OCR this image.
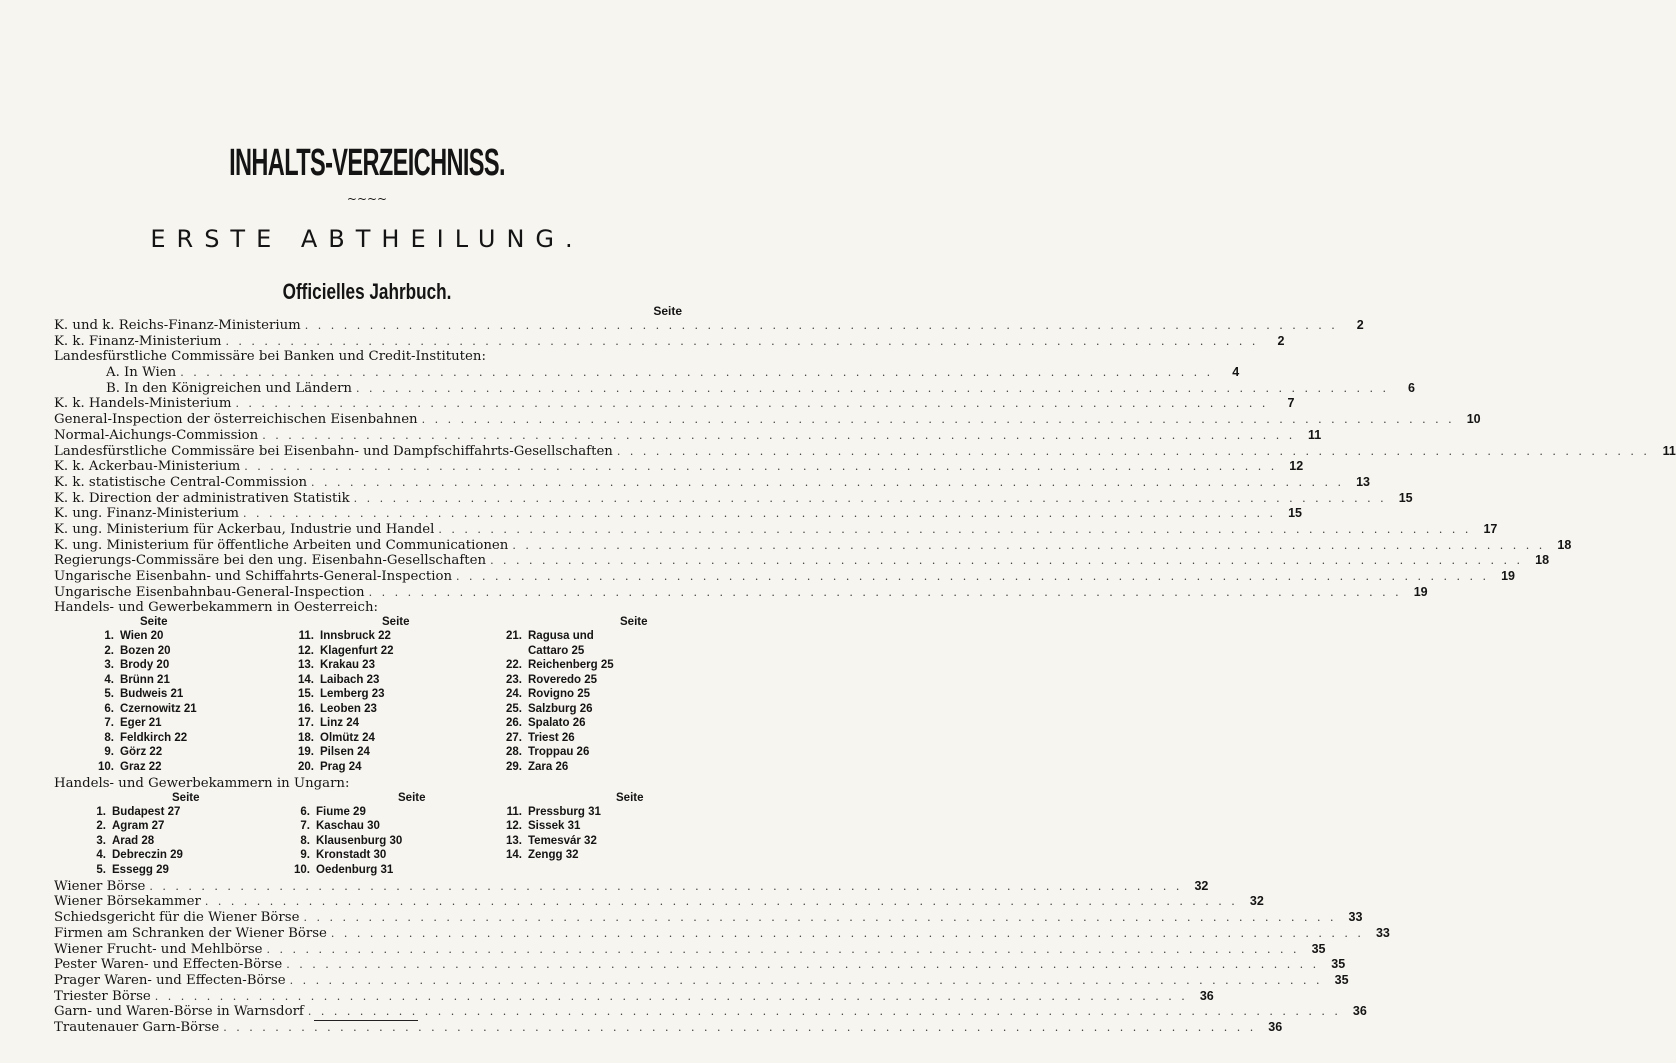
INHALTS-VERZEICHNISS.
~~~~
ERSTE ABTHEILUNG.
Officielles Jahrbuch.
Seite
K. und k. Reichs-Finanz-Ministerium . . . . . . . . . . . . . . . . . . . . . . . . . . . . . . . . . . . . . . . . . . . . . . . . . . . . . . . . . . . . . . . . . . . . . . . . . . . . . . . .	2
K. k. Finanz-Ministerium . . . . . . . . . . . . . . . . . . . . . . . . . . . . . . . . . . . . . . . . . . . . . . . . . . . . . . . . . . . . . . . . . . . . . . . . . . . . . . . .	2
Landesfürstliche Commissäre bei Banken und Credit-Instituten:
A. In Wien . . . . . . . . . . . . . . . . . . . . . . . . . . . . . . . . . . . . . . . . . . . . . . . . . . . . . . . . . . . . . . . . . . . . . . . . . . . . . . . .	4
B. In den Königreichen und Ländern . . . . . . . . . . . . . . . . . . . . . . . . . . . . . . . . . . . . . . . . . . . . . . . . . . . . . . . . . . . . . . . . . . . . . . . . . . . . . . . .	6
K. k. Handels-Ministerium . . . . . . . . . . . . . . . . . . . . . . . . . . . . . . . . . . . . . . . . . . . . . . . . . . . . . . . . . . . . . . . . . . . . . . . . . . . . . . . .	7
General-Inspection der österreichischen Eisenbahnen . . . . . . . . . . . . . . . . . . . . . . . . . . . . . . . . . . . . . . . . . . . . . . . . . . . . . . . . . . . . . . . . . . . . . . . . . . . . . . . . 10
Normal-Aichungs-Commission . . . . . . . . . . . . . . . . . . . . . . . . . . . . . . . . . . . . . . . . . . . . . . . . . . . . . . . . . . . . . . . . . . . . . . . . . . . . . . . .	11
Landesfürstliche Commissäre bei Eisenbahn- und Dampfschiffahrts-Gesellschaften . . . . . . . . . . . . . . . . . . . . . . . . . . . . . . . . . . . . . . . . . . . . . . . . . . . . . . . . . . . . . . . . . . . . . . . . . . . . . . . .	11
K. k. Ackerbau-Ministerium . . . . . . . . . . . . . . . . . . . . . . . . . . . . . . . . . . . . . . . . . . . . . . . . . . . . . . . . . . . . . . . . . . . . . . . . . . . . . . . . 12
K. k. statistische Central-Commission . . . . . . . . . . . . . . . . . . . . . . . . . . . . . . . . . . . . . . . . . . . . . . . . . . . . . . . . . . . . . . . . . . . . . . . . . . . . . . . . 13
K. k. Direction der administrativen Statistik . . . . . . . . . . . . . . . . . . . . . . . . . . . . . . . . . . . . . . . . . . . . . . . . . . . . . . . . . . . . . . . . . . . . . . . . . . . . . . . . 15
K. ung. Finanz-Ministerium . . . . . . . . . . . . . . . . . . . . . . . . . . . . . . . . . . . . . . . . . . . . . . . . . . . . . . . . . . . . . . . . . . . . . . . . . . . . . . . . 15
K. ung. Ministerium für Ackerbau, Industrie und Handel . . . . . . . . . . . . . . . . . . . . . . . . . . . . . . . . . . . . . . . . . . . . . . . . . . . . . . . . . . . . . . . . . . . . . . . . . . . . . . . . 17
K. ung. Ministerium für öffentliche Arbeiten und Communicationen . . . . . . . . . . . . . . . . . . . . . . . . . . . . . . . . . . . . . . . . . . . . . . . . . . . . . . . . . . . . . . . . . . . . . . . . . . . . . . . . 18
Regierungs-Commissäre bei den ung. Eisenbahn-Gesellschaften . . . . . . . . . . . . . . . . . . . . . . . . . . . . . . . . . . . . . . . . . . . . . . . . . . . . . . . . . . . . . . . . . . . . . . . . . . . . . . . . 18
Ungarische Eisenbahn- und Schiffahrts-General-Inspection . . . . . . . . . . . . . . . . . . . . . . . . . . . . . . . . . . . . . . . . . . . . . . . . . . . . . . . . . . . . . . . . . . . . . . . . . . . . . . . . 19
Ungarische Eisenbahnbau-General-Inspection . . . . . . . . . . . . . . . . . . . . . . . . . . . . . . . . . . . . . . . . . . . . . . . . . . . . . . . . . . . . . . . . . . . . . . . . . . . . . . . . 19
Handels- und Gewerbekammern in Oesterreich:
Seite
1. Wien 20
2. Bozen 20
3. Brody 20
4. Brünn 21
5. Budweis 21
6. Czernowitz 21
7. Eger 21
8. Feldkirch 22
9. Görz 22
10. Graz 22
Seite
11. Innsbruck 22
12. Klagenfurt 22
13. Krakau 23
14. Laibach 23
15. Lemberg 23
16. Leoben 23
17. Linz 24
18. Olmütz 24
19. Pilsen 24
20. Prag 24
Seite
21. Ragusa und
Cattaro 25
22. Reichenberg 25
23. Roveredo 25
24. Rovigno 25
25. Salzburg 26
26. Spalato 26
27. Triest 26
28. Troppau 26
29. Zara 26
Handels- und Gewerbekammern in Ungarn:
Seite
1. Budapest 27
2. Agram 27
3. Arad 28
4. Debreczin 29
5. Essegg 29
Seite
6. Fiume 29
7. Kaschau 30
8. Klausenburg 30
9. Kronstadt 30
10. Oedenburg 31
Seite
11. Pressburg 31
12. Sissek 31
13. Temesvár 32
14. Zengg 32
Wiener Börse . . . . . . . . . . . . . . . . . . . . . . . . . . . . . . . . . . . . . . . . . . . . . . . . . . . . . . . . . . . . . . . . . . . . . . . . . . . . . . . . 32
Wiener Börsekammer . . . . . . . . . . . . . . . . . . . . . . . . . . . . . . . . . . . . . . . . . . . . . . . . . . . . . . . . . . . . . . . . . . . . . . . . . . . . . . . . 32
Schiedsgericht für die Wiener Börse . . . . . . . . . . . . . . . . . . . . . . . . . . . . . . . . . . . . . . . . . . . . . . . . . . . . . . . . . . . . . . . . . . . . . . . . . . . . . . . . 33
Firmen am Schranken der Wiener Börse . . . . . . . . . . . . . . . . . . . . . . . . . . . . . . . . . . . . . . . . . . . . . . . . . . . . . . . . . . . . . . . . . . . . . . . . . . . . . . . . 33
Wiener Frucht- und Mehlbörse . . . . . . . . . . . . . . . . . . . . . . . . . . . . . . . . . . . . . . . . . . . . . . . . . . . . . . . . . . . . . . . . . . . . . . . . . . . . . . . . 35
Pester Waren- und Effecten-Börse . . . . . . . . . . . . . . . . . . . . . . . . . . . . . . . . . . . . . . . . . . . . . . . . . . . . . . . . . . . . . . . . . . . . . . . . . . . . . . . . 35
Prager Waren- und Effecten-Börse . . . . . . . . . . . . . . . . . . . . . . . . . . . . . . . . . . . . . . . . . . . . . . . . . . . . . . . . . . . . . . . . . . . . . . . . . . . . . . . . 35
Triester Börse . . . . . . . . . . . . . . . . . . . . . . . . . . . . . . . . . . . . . . . . . . . . . . . . . . . . . . . . . . . . . . . . . . . . . . . . . . . . . . . . 36
Garn- und Waren-Börse in Warnsdorf . . . . . . . . . . . . . . . . . . . . . . . . . . . . . . . . . . . . . . . . . . . . . . . . . . . . . . . . . . . . . . . . . . . . . . . . . . . . . . . . 36
Trautenauer Garn-Börse . . . . . . . . . . . . . . . . . . . . . . . . . . . . . . . . . . . . . . . . . . . . . . . . . . . . . . . . . . . . . . . . . . . . . . . . . . . . . . . . 36
